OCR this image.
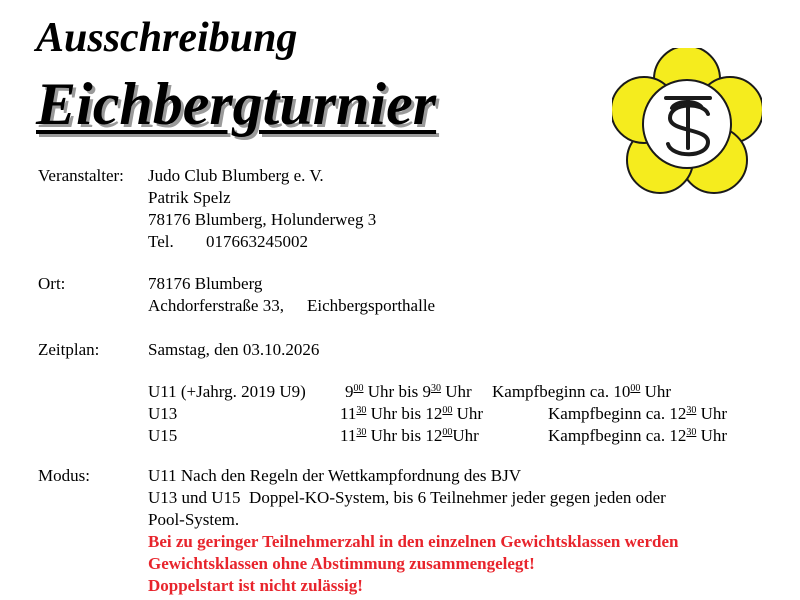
Ausschreibung
Eichbergturnier
Veranstalter: Judo Club Blumberg e. V.
Patrik Spelz
78176 Blumberg, Holunderweg 3
Tel. 017663245002
Ort:	78176 Blumberg
Achdorferstraße 33, Eichbergsporthalle
Zeitplan:	Samstag, den 03.10.2026
U11 (+Jahrg. 2019 U9) $9^{00}$ Uhr bis $9^{30}$ Uhr Kampfbeginn ca. $10^{00}$ Uhr
U13	$11^{30}$ Uhr bis $12^{00}$ Uhr	Kampfbeginn ca. $12^{30}$ Uhr
U15	$11^{30}$ Uhr bis $12^{00}Uhr$	Kampfbeginn ca. $12^{30}$ Uhr
Modus:	U11 Nach den Regeln der Wettkampfordnung des BJV
U13 und U15  Doppel-KO-System, bis 6 Teilnehmer jeder gegen jeden oder
Pool-System.
Bei zu geringer Teilnehmerzahl in den einzelnen Gewichtsklassen werden
Gewichtsklassen ohne Abstimmung zusammengelegt!
Doppelstart ist nicht zulässig!
